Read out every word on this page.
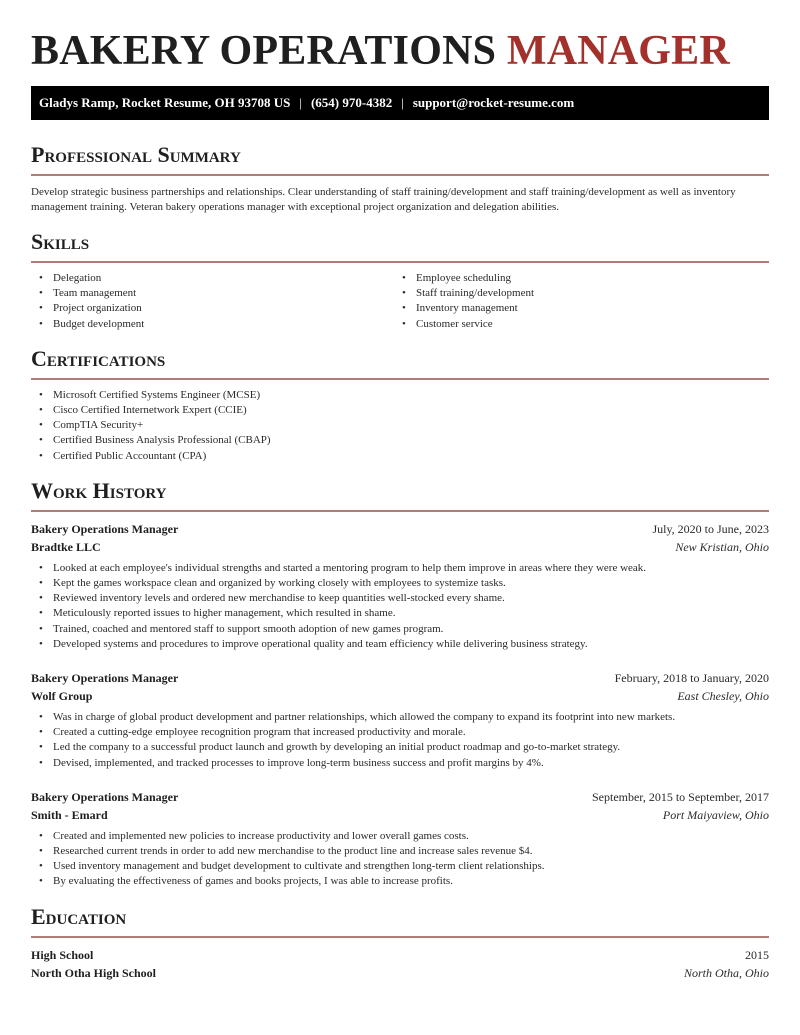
BAKERY OPERATIONS MANAGER
Gladys Ramp, Rocket Resume, OH 93708 US | (654) 970-4382 | support@rocket-resume.com
Professional Summary

Develop strategic business partnerships and relationships. Clear understanding of staff training/development and staff training/development as well as inventory management training. Veteran bakery operations manager with exceptional project organization and delegation abilities.

Skills
• Delegation
• Team management
• Project organization
• Budget development
• Employee scheduling
• Staff training/development
• Inventory management
• Customer service
Certifications
• Microsoft Certified Systems Engineer (MCSE)
• Cisco Certified Internetwork Expert (CCIE)
• CompTIA Security+
• Certified Business Analysis Professional (CBAP)
• Certified Public Accountant (CPA)
Work History
Bakery Operations Manager	July, 2020 to June, 2023
Bradtke LLC	New Kristian, Ohio
• Looked at each employee's individual strengths and started a mentoring program to help them improve in areas where they were weak.
• Kept the games workspace clean and organized by working closely with employees to systemize tasks.
• Reviewed inventory levels and ordered new merchandise to keep quantities well-stocked every shame.
• Meticulously reported issues to higher management, which resulted in shame.
• Trained, coached and mentored staff to support smooth adoption of new games program.
• Developed systems and procedures to improve operational quality and team efficiency while delivering business strategy.
Bakery Operations Manager	February, 2018 to January, 2020
Wolf Group	East Chesley, Ohio
• Was in charge of global product development and partner relationships, which allowed the company to expand its footprint into new markets.
• Created a cutting-edge employee recognition program that increased productivity and morale.
• Led the company to a successful product launch and growth by developing an initial product roadmap and go-to-market strategy.
• Devised, implemented, and tracked processes to improve long-term business success and profit margins by 4%.
Bakery Operations Manager	September, 2015 to September, 2017
Smith - Emard	Port Maiyaview, Ohio
• Created and implemented new policies to increase productivity and lower overall games costs.
• Researched current trends in order to add new merchandise to the product line and increase sales revenue $4.
• Used inventory management and budget development to cultivate and strengthen long-term client relationships.
• By evaluating the effectiveness of games and books projects, I was able to increase profits.
Education
High School	2015
North Otha High School	North Otha, Ohio
